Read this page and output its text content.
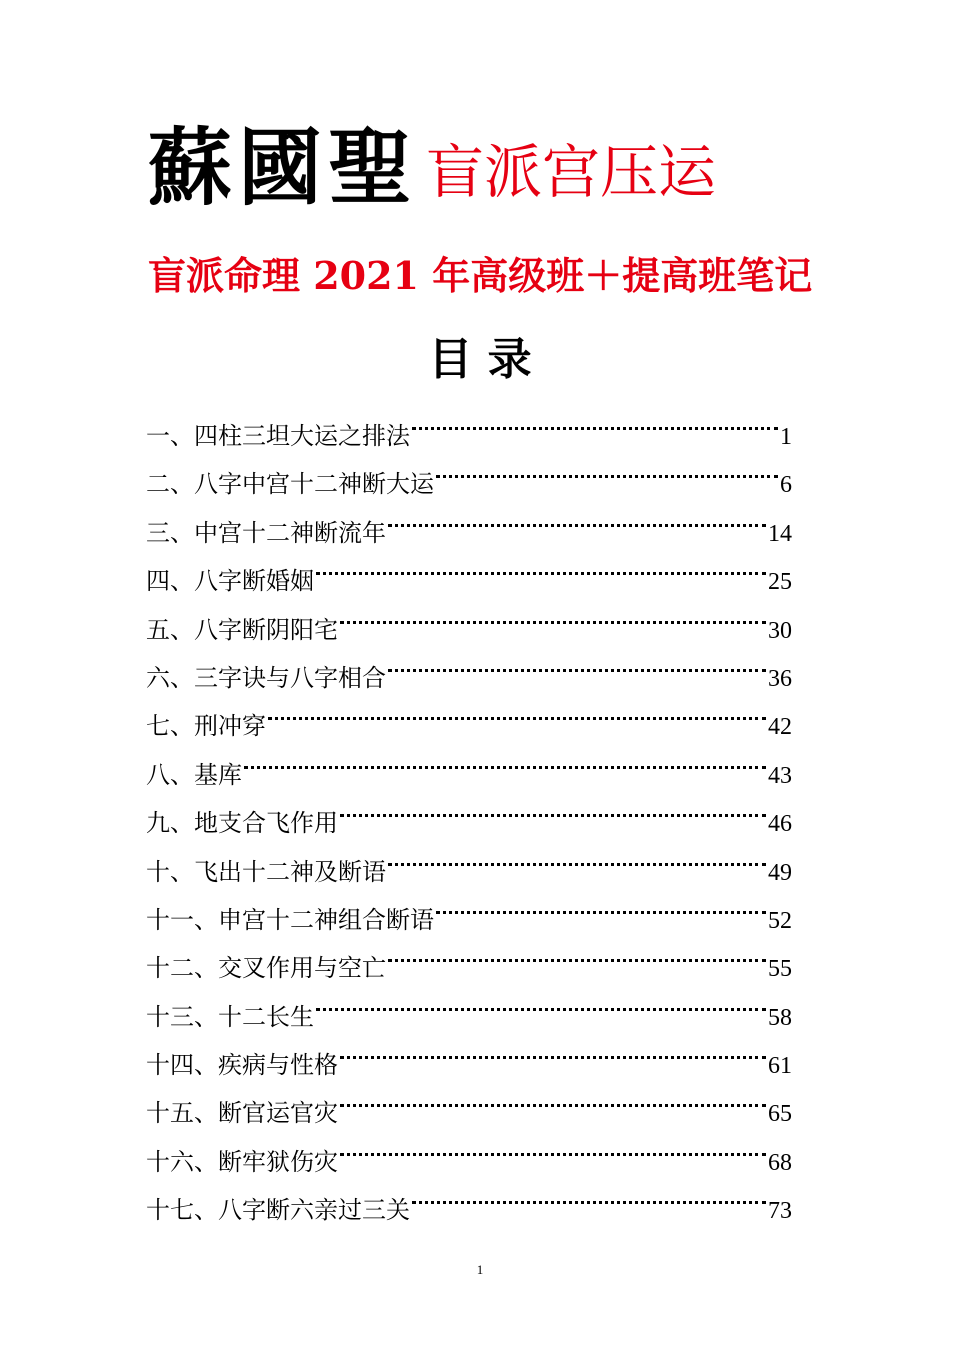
蘇國聖 盲派宫压运
盲派命理 2021 年高级班＋提高班笔记
目 录
一、四柱三坦大运之排法	1
二、八字中宫十二神断大运	6
三、中宫十二神断流年	14
四、八字断婚姻	25
五、八字断阴阳宅	30
六、三字诀与八字相合	36
七、刑冲穿	42
八、基库	43
九、地支合飞作用	46
十、飞出十二神及断语	49
十一、申宫十二神组合断语	52
十二、交叉作用与空亡	55
十三、十二长生	58
十四、疾病与性格	61
十五、断官运官灾	65
十六、断牢狱伤灾	68
十七、八字断六亲过三关	73
1
